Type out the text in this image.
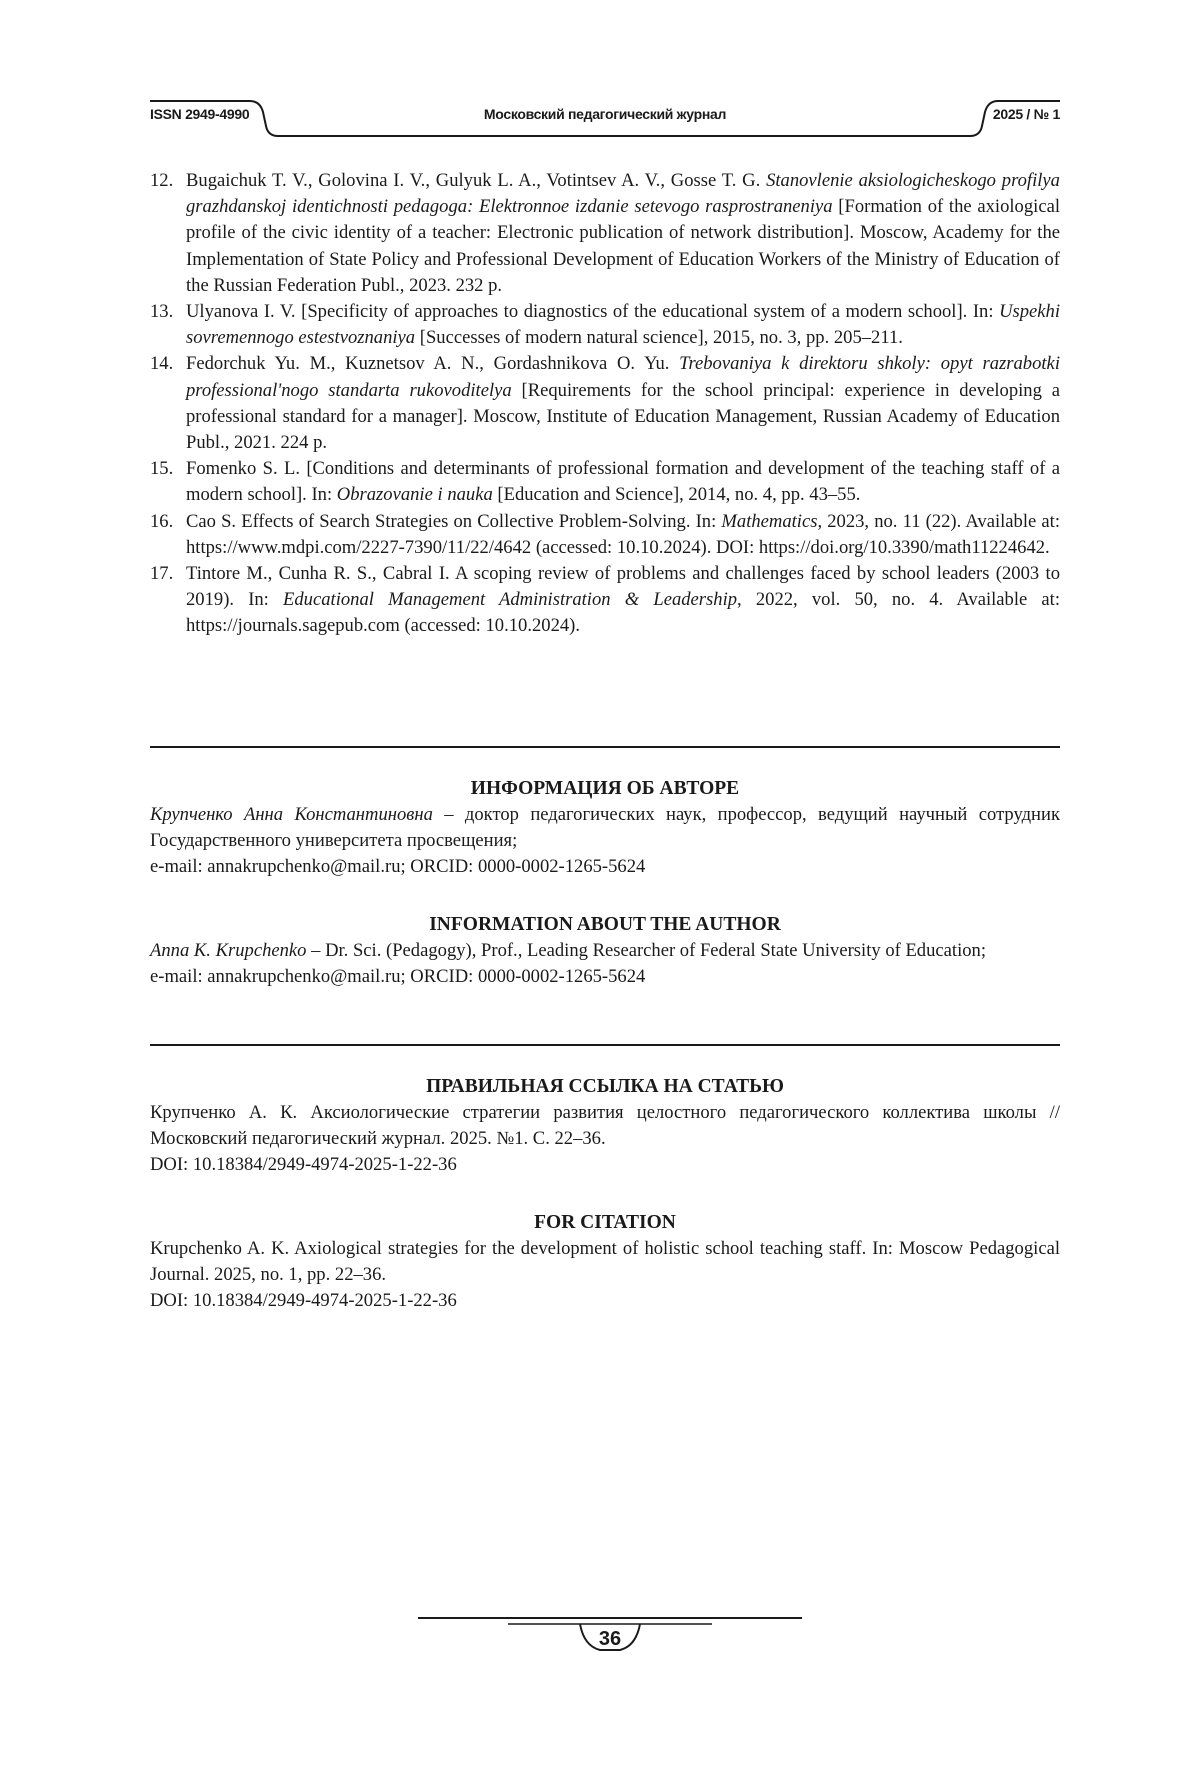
ISSN 2949-4990	Московский педагогический журнал	2025 / № 1
12. Bugaichuk T. V., Golovina I. V., Gulyuk L. A., Votintsev A. V., Gosse T. G. Stanovlenie aksiologicheskogo profilya grazhdanskoj identichnosti pedagoga: Elektronnoe izdanie setevogo rasprostraneniya [Formation of the axiological profile of the civic identity of a teacher: Electronic publication of network distribution]. Moscow, Academy for the Implementation of State Policy and Professional Development of Education Workers of the Ministry of Education of the Russian Federation Publ., 2023. 232 p.
13. Ulyanova I. V. [Specificity of approaches to diagnostics of the educational system of a modern school]. In: Uspekhi sovremennogo estestvoznaniya [Successes of modern natural science], 2015, no. 3, pp. 205–211.
14. Fedorchuk Yu. M., Kuznetsov A. N., Gordashnikova O. Yu. Trebovaniya k direktoru shkoly: opyt razrabotki professional'nogo standarta rukovoditelya [Requirements for the school principal: experience in developing a professional standard for a manager]. Moscow, Institute of Education Management, Russian Academy of Education Publ., 2021. 224 p.
15. Fomenko S. L. [Conditions and determinants of professional formation and development of the teaching staff of a modern school]. In: Obrazovanie i nauka [Education and Science], 2014, no. 4, pp. 43–55.
16. Cao S. Effects of Search Strategies on Collective Problem-Solving. In: Mathematics, 2023, no. 11 (22). Available at: https://www.mdpi.com/2227-7390/11/22/4642 (accessed: 10.10.2024). DOI: https://doi.org/10.3390/math11224642.
17. Tintore M., Cunha R. S., Cabral I. A scoping review of problems and challenges faced by school leaders (2003 to 2019). In: Educational Management Administration & Leadership, 2022, vol. 50, no. 4. Available at: https://journals.sagepub.com (accessed: 10.10.2024).
ИНФОРМАЦИЯ ОБ АВТОРЕ

Крупченко Анна Константиновна – доктор педагогических наук, профессор, ведущий научный сотрудник Государственного университета просвещения;

e-mail: annakrupchenko@mail.ru; ORCID: 0000-0002-1265-5624

INFORMATION ABOUT THE AUTHOR

Anna K. Krupchenko – Dr. Sci. (Pedagogy), Prof., Leading Researcher of Federal State University of Education;

e-mail: annakrupchenko@mail.ru; ORCID: 0000-0002-1265-5624

ПРАВИЛЬНАЯ ССЫЛКА НА СТАТЬЮ

Крупченко А. К. Аксиологические стратегии развития целостного педагогического коллектива школы // Московский педагогический журнал. 2025. №1. С. 22–36.

DOI: 10.18384/2949-4974-2025-1-22-36

FOR CITATION

Krupchenko A. K. Axiological strategies for the development of holistic school teaching staff. In: Moscow Pedagogical Journal. 2025, no. 1, pp. 22–36.

DOI: 10.18384/2949-4974-2025-1-22-36

36
